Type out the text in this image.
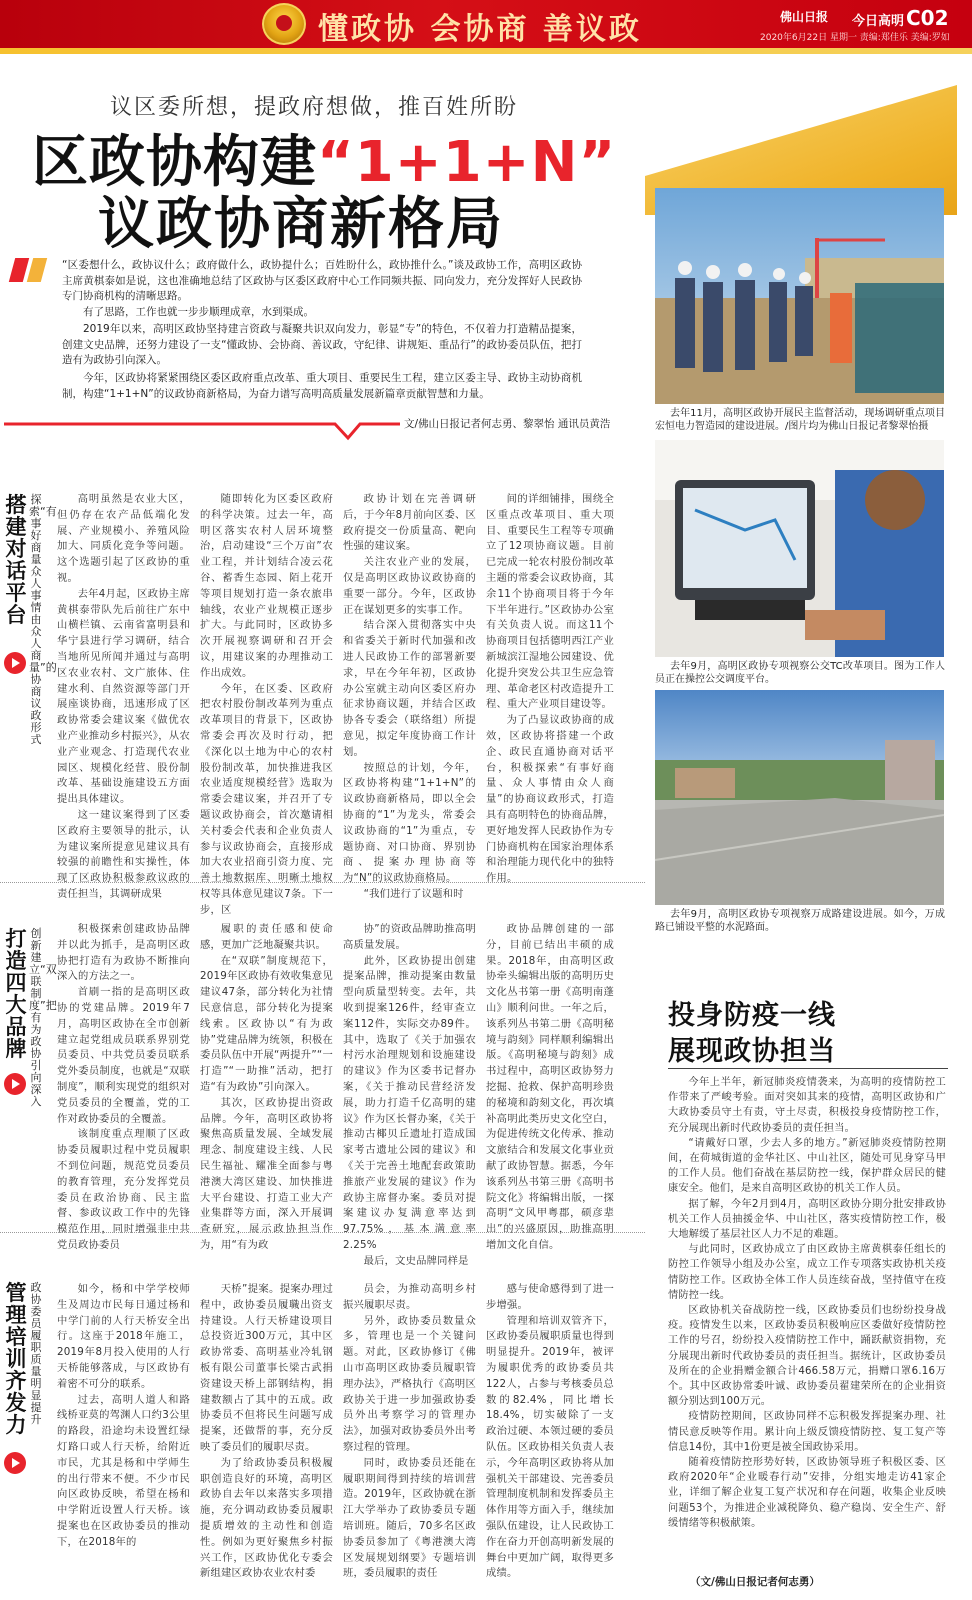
懂政协 会协商 善议政	佛山日报 今日高明 C02
2020年6月22日 星期一 责编:郑佳乐 美编:罗如
议区委所想，提政府想做，推百姓所盼
区政协构建“1+1+N”
议政协商新格局
“区委想什么，政协议什么；政府做什么，政协提什么；百姓盼什么，政协推什么。”谈及政协工作，高明区政协主席黄棋泰如是说，这也准确地总结了区政协与区委区政府中心工作同频共振、同向发力，充分发挥好人民政协专门协商机构的清晰思路。
有了思路，工作也就一步步顺理成章，水到渠成。
2019年以来，高明区政协坚持建言资政与凝聚共识双向发力，彰显“专”的特色，不仅着力打造精品提案，创建文史品牌，还努力建设了一支“懂政协、会协商、善议政，守纪律、讲规矩、重品行”的政协委员队伍，把打造有为政协引向深入。
今年，区政协将紧紧围绕区委区政府重点改革、重大项目、重要民生工程，建立区委主导、政协主动协商机制，构建“1+1+N”的议政协商新格局，为奋力谱写高明高质量发展新篇章贡献智慧和力量。
文/佛山日报记者何志勇、黎翠怡 通讯员黄浩
去年11月，高明区政协开展民主监督活动，现场调研重点项目宏恒电力智造园的建设进展。/图片均为佛山日报记者黎翠怡摄
去年9月，高明区政协专项视察公交TC改革项目。图为工作人员正在操控公交调度平台。
去年9月，高明区政协专项视察万成路建设进展。如今，万成路已铺设平整的水泥路面。
搭建对话平台
探索“有事好商量 众人事情由众人商量”的协商议政形式
高明虽然是农业大区，但仍存在农产品低端化发展、产业规模小、养殖风险加大、同质化竞争等问题。这个选题引起了区政协的重视。
去年4月起，区政协主席黄棋泰带队先后前往广东中山横栏镇、云南省富明县和华宁县进行学习调研，结合当地所见所闻并通过与高明区农业农村、文广旅体、住建水利、自然资源等部门开展座谈协商，迅速形成了区政协常委会建议案《做优农业产业推动乡村振兴》，从农业产业观念、打造现代农业园区、规模化经营、股份制改革、基础设施建设五方面提出具体建议。
这一建议案得到了区委区政府主要领导的批示，认为建议案所提意见建议具有较强的前瞻性和实操性，体现了区政协积极参政议政的责任担当，其调研成果
随即转化为区委区政府的科学决策。过去一年，高明区落实农村人居环境整治，启动建设“三个万亩”农业工程，并计划结合凌云花谷、蓄香生态园、陌上花开等项目规划打造一条农旅串轴线，农业产业规模正逐步扩大。与此同时，区政协多次开展视察调研和召开会议，用建议案的办理推动工作出成效。
今年，在区委、区政府把农村股份制改革列为重点改革项目的背景下，区政协常委会再次及时行动，把《深化以土地为中心的农村股份制改革，加快推进我区农业适度规模经营》选取为常委会建议案，并召开了专题议政协商会，首次邀请相关村委会代表和企业负责人参与议政协商会，直接形成加大农业招商引资力度、完善土地数据库、明晰土地权权等具体意见建议7条。下一步，区
政协计划在完善调研后，于今年8月前向区委、区政府提交一份质量高、靶向性强的建议案。
关注农业产业的发展，仅是高明区政协议政协商的重要一部分。今年，区政协正在谋划更多的实事工作。
结合深入贯彻落实中央和省委关于新时代加强和改进人民政协工作的部署新要求，早在今年年初，区政协办公室就主动向区委区府办征求协商议题，并结合区政协各专委会（联络组）所提意见，拟定年度协商工作计划。
按照总的计划，今年，区政协将构建“1+1+N”的议政协商新格局，即以全会协商的“1”为龙头，常委会议政协商的“1”为重点，专题协商、对口协商、界别协商、提案办理协商等为“N”的议政协商格局。
“我们进行了议题和时
间的详细铺排，围绕全区重点改革项目、重大项目、重要民生工程等专项确立了12项协商议题。目前已完成一轮农村股份制改革主题的常委会议政协商，其余11个协商项目将于今年下半年进行。”区政协办公室有关负责人说。而这11个协商项目包括德明西江产业新城滨江湿地公园建设、优化提升突发公共卫生应急管理、革命老区村改造提升工程、重大产业项目建设等。
为了凸显议政协商的成效，区政协将搭建一个政企、政民直通协商对话平台，积极探索“有事好商量、众人事情由众人商量”的协商议政形式，打造具有高明特色的协商品牌，更好地发挥人民政协作为专门协商机构在国家治理体系和治理能力现代化中的独特作用。
打造四大品牌
创新建立“双联制度”把有为政协引向深入
积极探索创建政协品牌并以此为抓手，是高明区政协把打造有为政协不断推向深入的方法之一。
首刷一指的是高明区政协的党建品牌。2019年7月，高明区政协在全市创新建立起党组成员联系界别党员委员、中共党员委员联系党外委员制度，也就是“双联制度”，顺利实现党的组织对党员委员的全覆盖，党的工作对政协委员的全覆盖。
该制度重点理顺了区政协委员履职过程中党员履职不到位问题，规范党员委员的教育管理，充分发挥党员委员在政治协商、民主监督、参政议政工作中的先锋模范作用，同时增强非中共党员政协委员
履职的责任感和使命感，更加广泛地凝聚共识。
在“双联”制度规范下，2019年区政协有效收集意见建议47条，部分转化为社情民意信息，部分转化为提案线索。区政协以“有为政协”党建品牌为统领，积极在委员队伍中开展“两提升”“一打造”“一助推”活动，把打造“有为政协”引向深入。
其次，区政协提出资政品牌。今年，高明区政协将聚焦高质量发展、全域发展理念、制度建设主线、人民民生福祉、耀准全面参与粤港澳大湾区建设、加快推进大平台建设、打造工业大产业集群等方面，深入开展调查研究，展示政协担当作为，用“有为政
协”的资政品牌助推高明高质量发展。
此外，区政协提出创建提案品牌，推动提案由数量型向质量型转变。去年，共收到提案126件，经审查立案112件，实际交办89件。其中，选取了《关于加强农村污水治理规划和设施建设的建议》作为区委书记督办案，《关于推动民营经济发展，助力打造千亿高明的建议》作为区长督办案，《关于推动古椰贝丘遗址打造成国家考古遗址公园的建议》和《关于完善土地配套政策助推旅产业发展的建议》作为政协主席督办案。委员对提案建议办复满意率达到97.75%，基本满意率2.25%
最后，文史品牌同样是
政协品牌创建的一部分，目前已结出丰硕的成果。2018年，由高明区政协牵头编辑出版的高明历史文化丛书第一册《高明南蓬山》顺利问世。一年之后，该系列丛书第二册《高明秘境与韵刻》同样顺利编辑出版。《高明秘境与韵刻》成书过程中，高明区政协努力挖掘、抢救、保护高明珍贵的秘境和韵刻文化，再次填补高明此类历史文化空白，为促进传统文化传承、推动文旅结合和发展文化事业贡献了政协智慧。据悉，今年该系列丛书第三册《高明书院文化》将编辑出版，一探高明“文风甲粤郡，硕彦辈出”的兴盛原因，助推高明增加文化自信。
管理培训齐发力
政协委员履职质量明显提升
如今，杨和中学学校师生及周边市民每日通过杨和中学门前的人行天桥安全出行。这座于2018年施工，2019年8月投入使用的人行天桥能够落成，与区政协有着密不可分的联系。
过去，高明人道人和路线桥亚莫的驾渊人口约3公里的路段，沿途均未设置红绿灯路口或人行天桥，给附近市民，尤其是杨和中学师生的出行带来不便。不少市民向区政协反映，希望在杨和中学附近设置人行天桥。该提案也在区政协委员的推动下，在2018年的
天桥”提案。提案办理过程中，政协委员履職出资支持建设。人行天桥建设项目总投资近300万元，其中区政协常委、高明基业冷轧钢板有限公司董事长梁古武捐资建设天桥上部钢结构，捐建数额占了其中的五成。政协委员不但将民生问题写成提案，还做帮的事，充分反映了委员们的履职尽责。
为了给政协委员积极履职创造良好的环境，高明区政协自去年以来落实多项措施，充分调动政协委员履职提质增效的主动性和创造性。例如为更好聚焦乡村振兴工作，区政协优化专委会新组建区政协农业农村委
员会，为推动高明乡村振兴履职尽责。
另外，政协委员数量众多，管理也是一个关键问题。对此，区政协修订《佛山市高明区政协委员履职管理办法》，严格执行《高明区政协关于进一步加强政协委员外出考察学习的管理办法》，加强对政协委员外出考察过程的管理。
同时，政协委员还能在履职期间得到持续的培训营造。2019年，区政协就在浙江大学举办了政协委员专题培训班。随后，70多名区政协委员参加了《粤港澳大湾区发展规划纲要》专题培训班，委员履职的责任
感与使命感得到了进一步增强。
管理和培训双管齐下，区政协委员履职质量也得到明显提升。2019年，被评为履职优秀的政协委员共122人，占参与考核委员总数的82.4%，同比增长18.4%，切实破除了一支政治过硬、本领过硬的委员队伍。区政协相关负责人表示，今年高明区政协将从加强机关干部建设、完善委员管理制度机制和发挥委员主体作用等方面入手，继续加强队伍建设，让人民政协工作在奋力开创高明新发展的舞台中更加广阔，取得更多成绩。
投身防疫一线
展现政协担当
今年上半年，新冠肺炎疫情袭来，为高明的疫情防控工作带来了严峻考验。面对突如其来的疫情，高明区政协和广大政协委员守土有责，守土尽责，积极投身疫情防控工作，充分展现出新时代政协委员的责任担当。
“请戴好口罩，少去人多的地方。”新冠肺炎疫情防控期间，在荷城街道的金华社区、中山社区，随处可见身穿马甲的工作人员。他们奋战在基层防控一线，保护群众居民的健康安全。他们，是来自高明区政协的机关工作人员。
据了解，今年2月到4月，高明区政协分期分批安排政协机关工作人员抽援金华、中山社区，落实疫情防控工作，极大地解缓了基层社区人力不足的难题。
与此同时，区政协成立了由区政协主席黄棋泰任组长的防控工作领导小组及办公室，成立工作专项落实政协机关疫情防控工作。区政协全体工作人员连续奋战，坚持值守在疫情防控一线。
区政协机关奋战防控一线，区政协委员们也纷纷投身战疫。疫情发生以来，区政协委员积极响应区委做好疫情防控工作的号召，纷纷投入疫情防控工作中，踊跃献资捐物，充分展现出新时代政协委员的责任担当。据统计，区政协委员及所在的企业捐赠金额合计466.58万元，捐赠口罩6.16万个。其中区政协常委叶诚、政协委员翟建荣所在的企业捐资额分别达到100万元。
疫情防控期间，区政协同样不忘积极发挥提案办理、社情民意反映等作用。累计向上级反馈疫情防控、复工复产等信息14份，其中1份更是被全国政协采用。
随着疫情防控形势好转，区政协领导班子积极区委、区政府2020年“企业暖春行动”安排，分组实地走访41家企业，详细了解企业复工复产状况和存在问题，收集企业反映问题53个，为推进企业减税降负、稳产稳岗、安全生产、舒缓情绪等积极献策。
（文/佛山日报记者何志勇）
